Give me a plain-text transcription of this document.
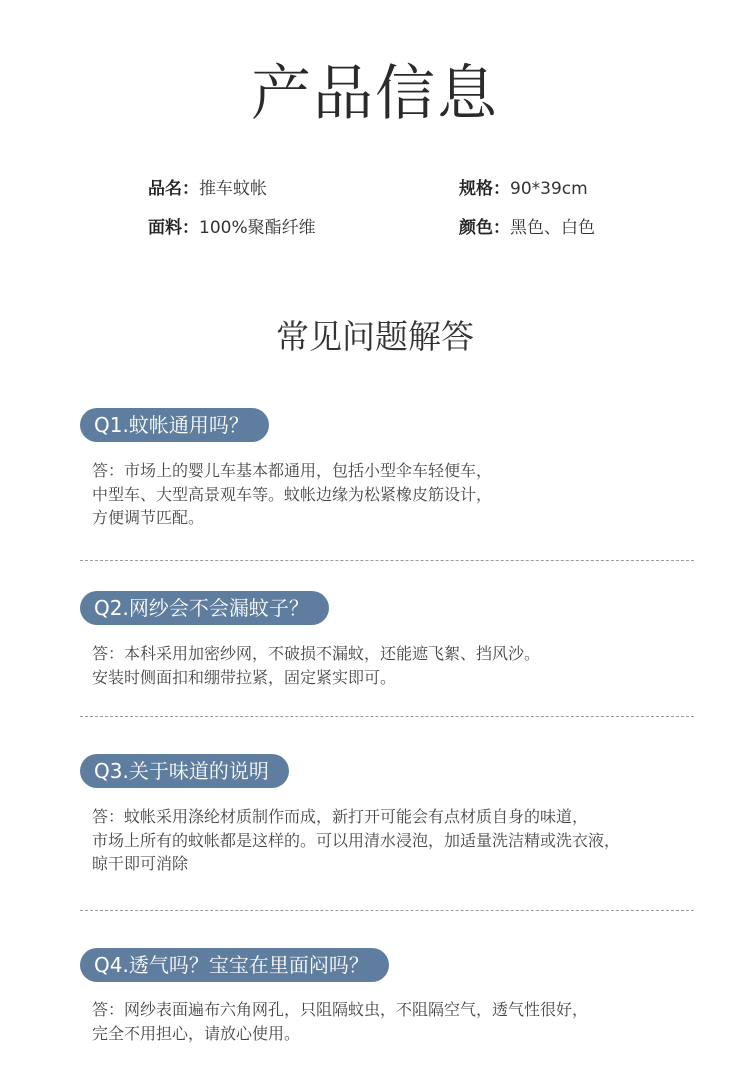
产品信息
品名：推车蚊帐	规格：90*39cm
面料：100%聚酯纤维	颜色：黑色、白色
常见问题解答
Q1.蚊帐通用吗？

答：市场上的婴儿车基本都通用，包括小型伞车轻便车，

中型车、大型高景观车等。蚊帐边缘为松紧橡皮筋设计，

方便调节匹配。

Q2.网纱会不会漏蚊子？

答：本科采用加密纱网，不破损不漏蚊，还能遮飞絮、挡风沙。

安装时侧面扣和绷带拉紧，固定紧实即可。

Q3.关于味道的说明

答：蚊帐采用涤纶材质制作而成，新打开可能会有点材质自身的味道，

市场上所有的蚊帐都是这样的。可以用清水浸泡，加适量洗洁精或洗衣液，

晾干即可消除

Q4.透气吗？宝宝在里面闷吗？

答：网纱表面遍布六角网孔，只阻隔蚊虫，不阻隔空气，透气性很好，

完全不用担心，请放心使用。
